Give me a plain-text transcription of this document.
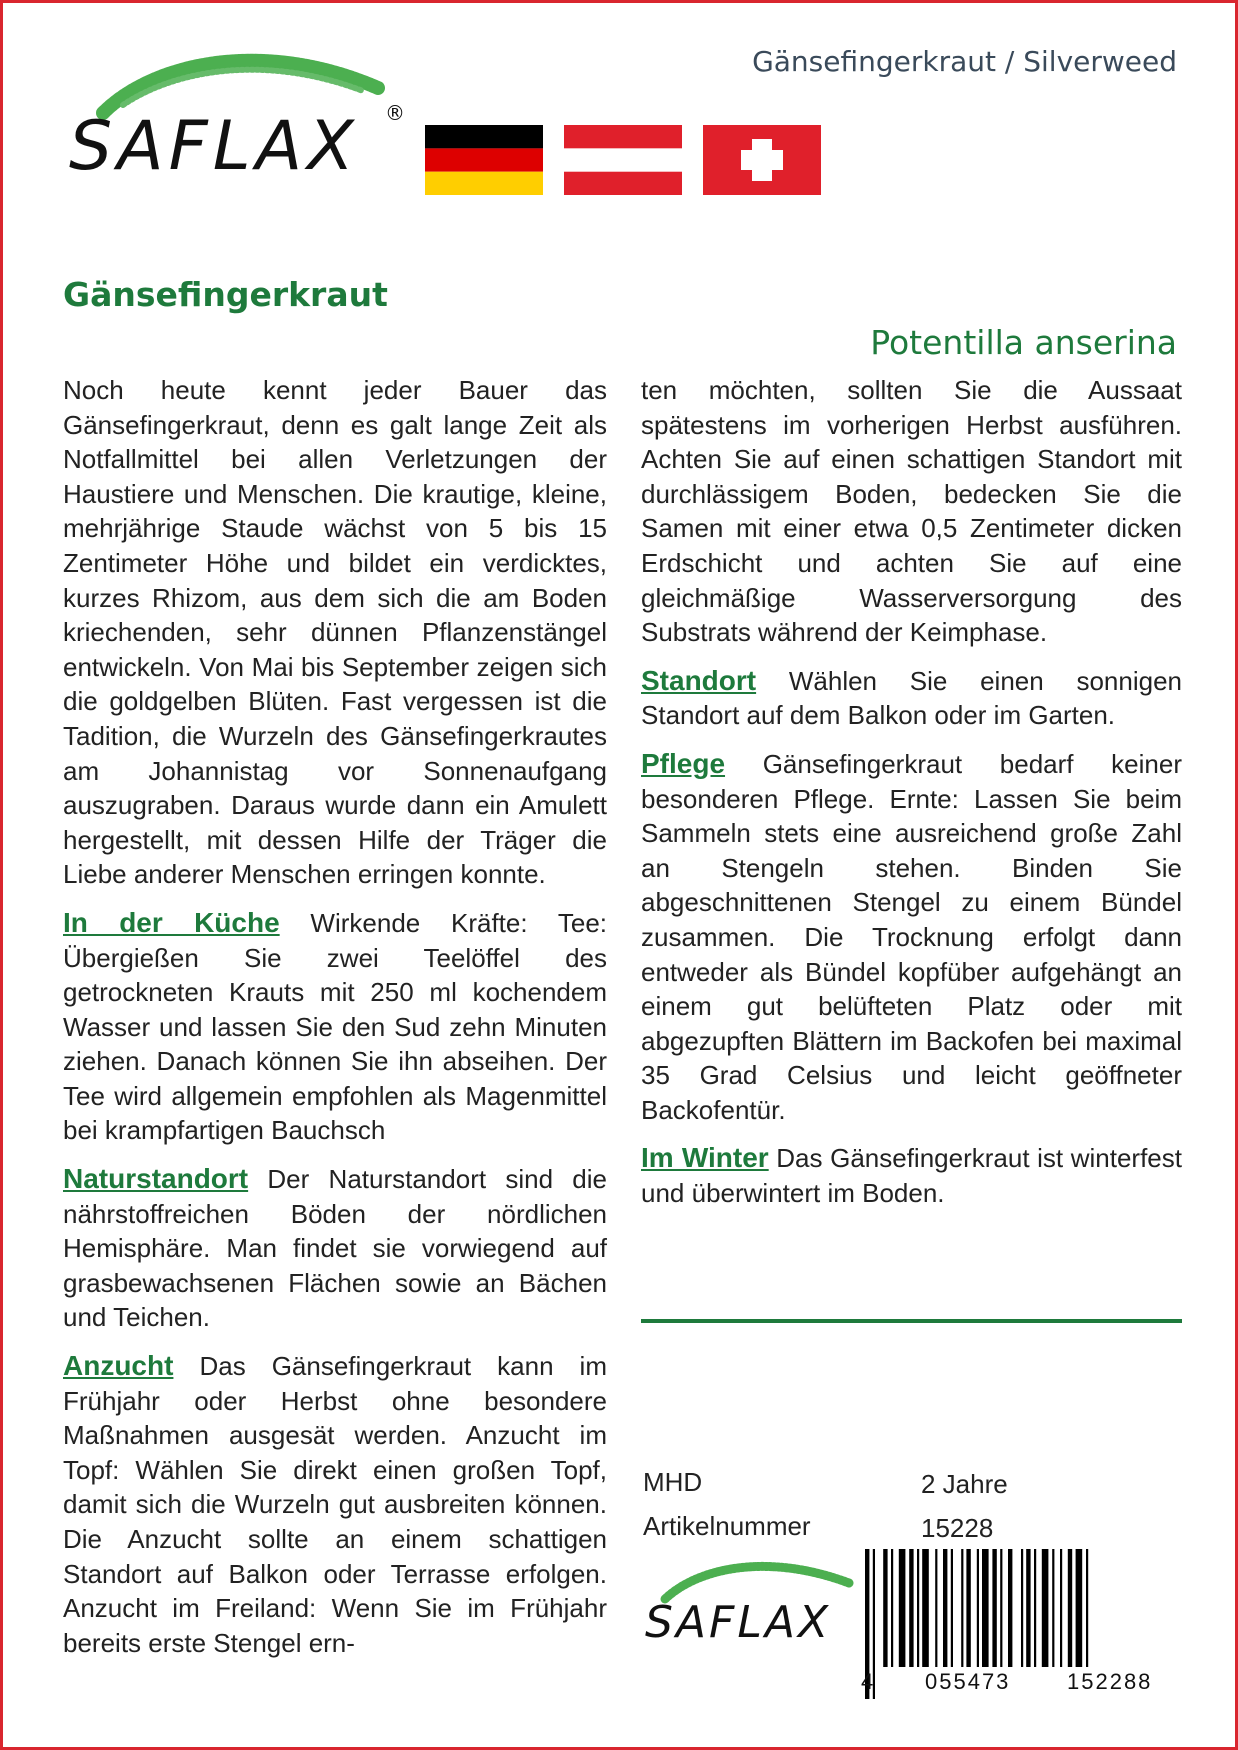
SAFLAX ®
Gänsefingerkraut / Silverweed
Gänsefingerkraut
Potentilla anserina

Noch heute kennt jeder Bauer das Gänsefingerkraut, denn es galt lange Zeit als Notfallmittel bei allen Verletzungen der Haustiere und Menschen. Die krautige, kleine, mehrjährige Staude wächst von 5 bis 15 Zentimeter Höhe und bildet ein verdicktes, kurzes Rhizom, aus dem sich die am Boden kriechenden, sehr dünnen Pflanzenstängel entwickeln. Von Mai bis September zeigen sich die goldgelben Blüten. Fast vergessen ist die Tadition, die Wurzeln des Gänsefingerkrautes am Johannistag vor Sonnenaufgang auszugraben. Daraus wurde dann ein Amulett hergestellt, mit dessen Hilfe der Träger die Liebe anderer Menschen erringen konnte.

In der Küche Wirkende Kräfte: Tee: Übergießen Sie zwei Teelöffel des getrockneten Krauts mit 250 ml kochendem Wasser und lassen Sie den Sud zehn Minuten ziehen. Danach können Sie ihn abseihen. Der Tee wird allgemein empfohlen als Magenmittel bei krampfartigen Bauchsch

Naturstandort Der Naturstandort sind die nährstoffreichen Böden der nördlichen Hemisphäre. Man findet sie vorwiegend auf grasbewachsenen Flächen sowie an Bächen und Teichen.

Anzucht Das Gänsefingerkraut kann im Frühjahr oder Herbst ohne besondere Maßnahmen ausgesät werden. Anzucht im Topf: Wählen Sie direkt einen großen Topf, damit sich die Wurzeln gut ausbreiten können. Die Anzucht sollte an einem schattigen Standort auf Balkon oder Terrasse erfolgen. Anzucht im Freiland: Wenn Sie im Frühjahr bereits erste Stengel ern-

ten möchten, sollten Sie die Aussaat spätestens im vorherigen Herbst ausführen. Achten Sie auf einen schattigen Standort mit durchlässigem Boden, bedecken Sie die Samen mit einer etwa 0,5 Zentimeter dicken Erdschicht und achten Sie auf eine gleichmäßige Wasserversorgung des Substrats während der Keimphase.

Standort Wählen Sie einen sonnigen Standort auf dem Balkon oder im Garten.

Pflege Gänsefingerkraut bedarf keiner besonderen Pflege. Ernte: Lassen Sie beim Sammeln stets eine ausreichend große Zahl an Stengeln stehen. Binden Sie abgeschnittenen Stengel zu einem Bündel zusammen. Die Trocknung erfolgt dann entweder als Bündel kopfüber aufgehängt an einem gut belüfteten Platz oder mit abgezupften Blättern im Backofen bei maximal 35 Grad Celsius und leicht geöffneter Backofentür.

Im Winter Das Gänsefingerkraut ist winterfest und überwintert im Boden.

MHD	2 Jahre
Artikelnummer	15228
SAFLAX
4 055473	152288
